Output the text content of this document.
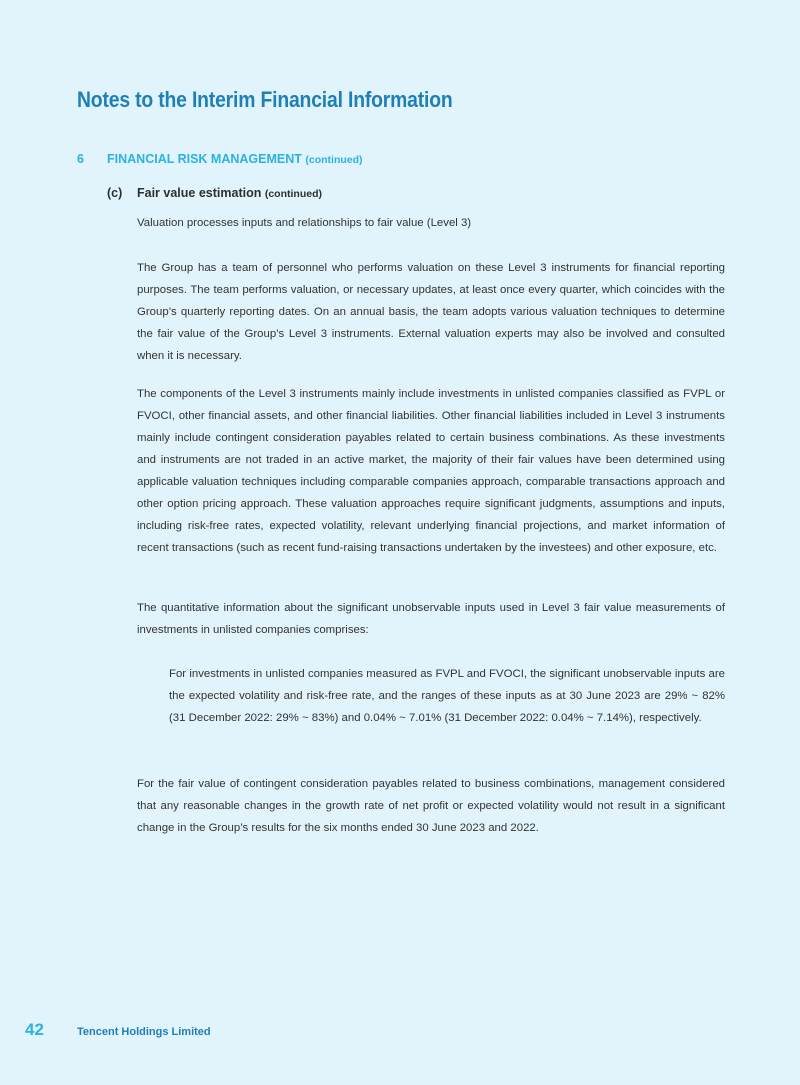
Notes to the Interim Financial Information
6 FINANCIAL RISK MANAGEMENT (continued)
(c) Fair value estimation (continued)

Valuation processes inputs and relationships to fair value (Level 3)

The Group has a team of personnel who performs valuation on these Level 3 instruments for financial reporting purposes. The team performs valuation, or necessary updates, at least once every quarter, which coincides with the Group’s quarterly reporting dates. On an annual basis, the team adopts various valuation techniques to determine the fair value of the Group’s Level 3 instruments. External valuation experts may also be involved and consulted when it is necessary.

The components of the Level 3 instruments mainly include investments in unlisted companies classified as FVPL or FVOCI, other financial assets, and other financial liabilities. Other financial liabilities included in Level 3 instruments mainly include contingent consideration payables related to certain business combinations. As these investments and instruments are not traded in an active market, the majority of their fair values have been determined using applicable valuation techniques including comparable companies approach, comparable transactions approach and other option pricing approach. These valuation approaches require significant judgments, assumptions and inputs, including risk-free rates, expected volatility, relevant underlying financial projections, and market information of recent transactions (such as recent fund-raising transactions undertaken by the investees) and other exposure, etc.

The quantitative information about the significant unobservable inputs used in Level 3 fair value measurements of investments in unlisted companies comprises:

For investments in unlisted companies measured as FVPL and FVOCI, the significant unobservable inputs are the expected volatility and risk-free rate, and the ranges of these inputs as at 30 June 2023 are 29% ~ 82% (31 December 2022: 29% ~ 83%) and 0.04% ~ 7.01% (31 December 2022: 0.04% ~ 7.14%), respectively.

For the fair value of contingent consideration payables related to business combinations, management considered that any reasonable changes in the growth rate of net profit or expected volatility would not result in a significant change in the Group’s results for the six months ended 30 June 2023 and 2022.

42	Tencent Holdings Limited
